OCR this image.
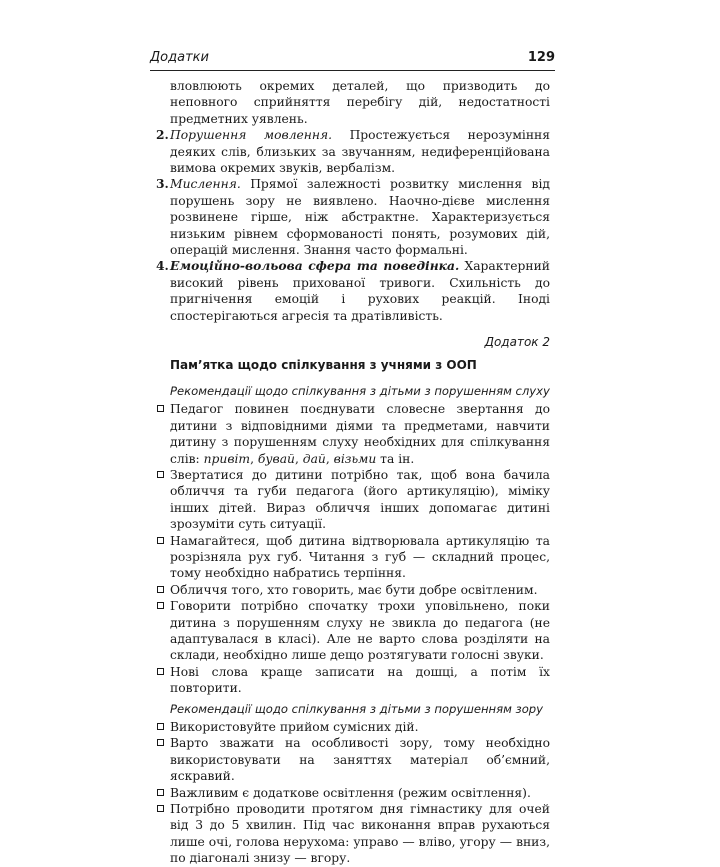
Додатки	129

вловлюють окремих деталей, що призводить до неповного сприйняття перебігу дій, недостатності предметних уявлень.

2. Порушення мовлення. Простежується нерозуміння деяких слів, близьких за звучанням, недиференційована вимова окремих звуків, вербалізм.

3. Мислення. Прямої залежності розвитку мислення від порушень зору не виявлено. Наочно-дієве мислення розвинене гірше, ніж абстрактне. Характеризується низьким рівнем сформованості понять, розумових дій, операцій мислення. Знання часто формальні.

4. Емоційно-вольова сфера та поведінка. Характерний високий рівень прихованої тривоги. Схильність до пригнічення емоцій і рухових реакцій. Іноді спостерігаються агресія та дратівливість.

Додаток 2
Пам’ятка щодо спілкування з учнями з ООП
Рекомендації щодо спілкування з дітьми з порушенням слуху

Педагог повинен поєднувати словесне звертання до дитини з відповідними діями та предметами, навчити дитину з порушенням слуху необхідних для спілкування слів: привіт, бувай, дай, візьми та ін.

Звертатися до дитини потрібно так, щоб вона бачила обличчя та губи педагога (його артикуляцію), міміку інших дітей. Вираз обличчя інших допомагає дитині зрозуміти суть ситуації.

Намагайтеся, щоб дитина відтворювала артикуляцію та розрізняла рух губ. Читання з губ — складний процес, тому необхідно набратись терпіння.

Обличчя того, хто говорить, має бути добре освітленим.

Говорити потрібно спочатку трохи уповільнено, поки дитина з порушенням слуху не звикла до педагога (не адаптувалася в класі). Але не варто слова розділяти на склади, необхідно лише дещо розтягувати голосні звуки.

Нові слова краще записати на дошці, а потім їх повторити.

Рекомендації щодо спілкування з дітьми з порушенням зору

Використовуйте прийом сумісних дій.

Варто зважати на особливості зору, тому необхідно використовувати на заняттях матеріал об’ємний, яскравий.

Важливим є додаткове освітлення (режим освітлення).

Потрібно проводити протягом дня гімнастику для очей від 3 до 5 хвилин. Під час виконання вправ рухаються лише очі, голова нерухома: управо — вліво, угору — вниз, по діагоналі знизу — вгору.
